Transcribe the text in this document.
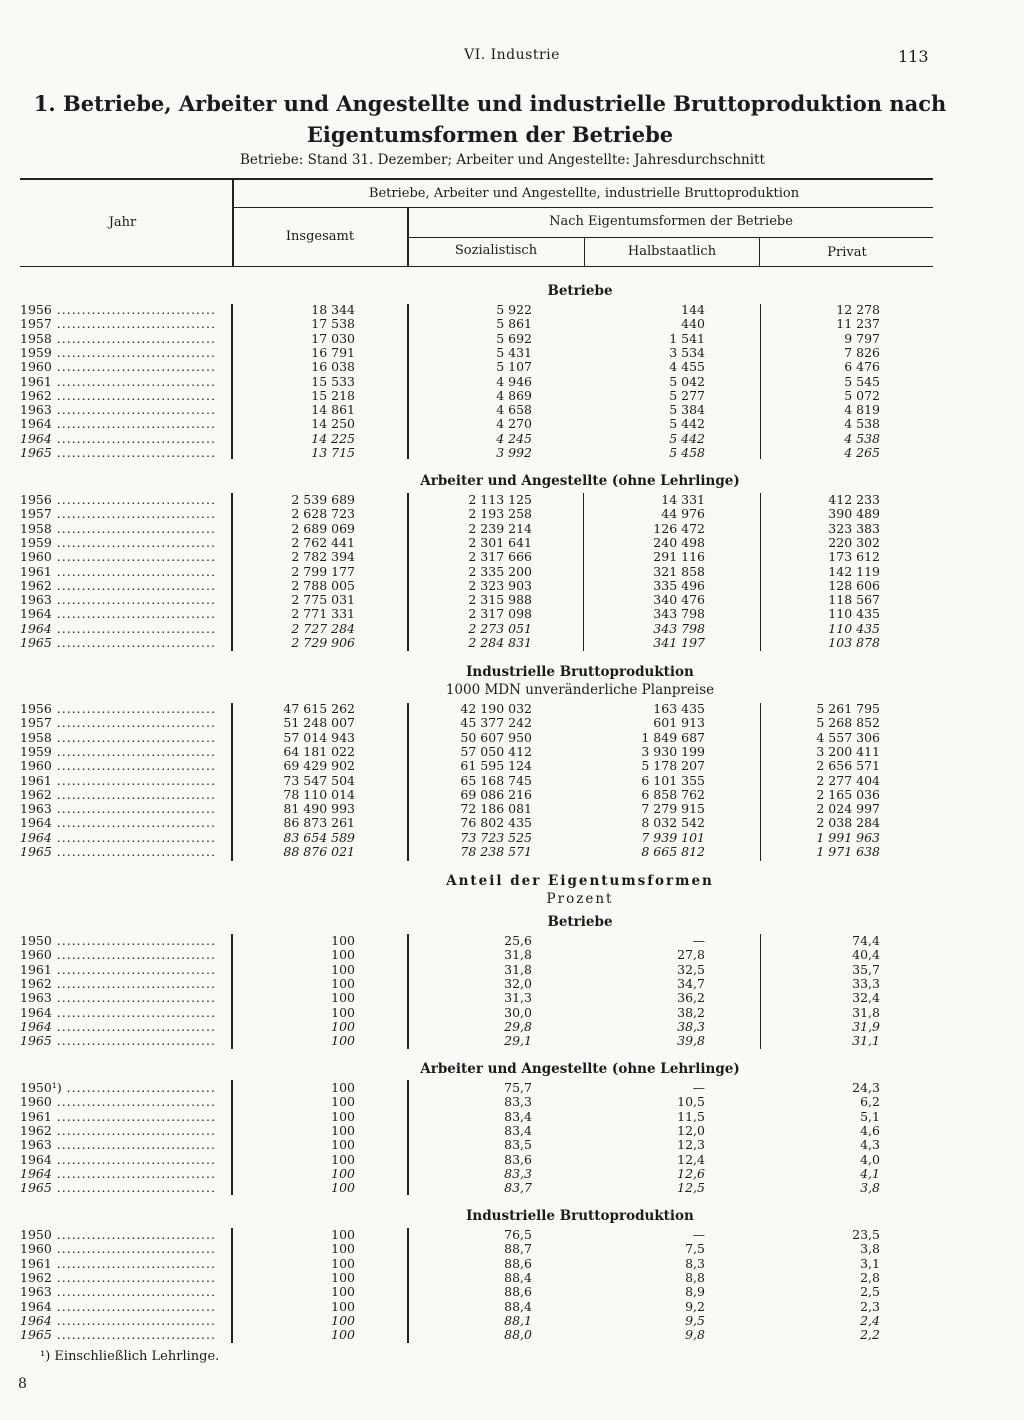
VI. Industrie	113
1. Betriebe, Arbeiter und Angestellte und industrielle Bruttoproduktion nach Eigentumsformen der Betriebe
Betriebe: Stand 31. Dezember; Arbeiter und Angestellte: Jahresdurchschnitt
Jahr
Betriebe, Arbeiter und Angestellte, industrielle Bruttoproduktion
Insgesamt
Nach Eigentumsformen der Betriebe
Sozialistisch	Halbstaatlich	Privat
Betriebe
1956 .....	18 344	5 922	144	12 278
1957 .....	17 538	5 861	440	11 237
1958 .....	17 030	5 692	1 541	9 797
1959 .....	16 791	5 431	3 534	7 826
1960 .....	16 038	5 107	4 455	6 476
1961 .....	15 533	4 946	5 042	5 545
1962 .....	15 218	4 869	5 277	5 072
1963 .....	14 861	4 658	5 384	4 819
1964 .....	14 250	4 270	5 442	4 538
1964 .....	14 225	4 245	5 442	4 538
1965 .....	13 715	3 992	5 458	4 265
Arbeiter und Angestellte (ohne Lehrlinge)
1956 .....	2 539 689	2 113 125	14 331	412 233
1957 .....	2 628 723	2 193 258	44 976	390 489
1958 .....	2 689 069	2 239 214	126 472	323 383
1959 .....	2 762 441	2 301 641	240 498	220 302
1960 .....	2 782 394	2 317 666	291 116	173 612
1961 .....	2 799 177	2 335 200	321 858	142 119
1962 .....	2 788 005	2 323 903	335 496	128 606
1963 .....	2 775 031	2 315 988	340 476	118 567
1964 .....	2 771 331	2 317 098	343 798	110 435
1964 .....	2 727 284	2 273 051	343 798	110 435
1965 .....	2 729 906	2 284 831	341 197	103 878
Industrielle Bruttoproduktion
1000 MDN unveränderliche Planpreise
1956 .....	47 615 262	42 190 032	163 435	5 261 795
1957 .....	51 248 007	45 377 242	601 913	5 268 852
1958 .....	57 014 943	50 607 950	1 849 687	4 557 306
1959 .....	64 181 022	57 050 412	3 930 199	3 200 411
1960 .....	69 429 902	61 595 124	5 178 207	2 656 571
1961 .....	73 547 504	65 168 745	6 101 355	2 277 404
1962 .....	78 110 014	69 086 216	6 858 762	2 165 036
1963 .....	81 490 993	72 186 081	7 279 915	2 024 997
1964 .....	86 873 261	76 802 435	8 032 542	2 038 284
1964 .....	83 654 589	73 723 525	7 939 101	1 991 963
1965 .....	88 876 021	78 238 571	8 665 812	1 971 638
Anteil der Eigentumsformen
Prozent
Betriebe
1950 .....	100	25,6	—	74,4
1960 .....	100	31,8	27,8	40,4
1961 .....	100	31,8	32,5	35,7
1962 .....	100	32,0	34,7	33,3
1963 .....	100	31,3	36,2	32,4
1964 .....	100	30,0	38,2	31,8
1964 .....	100	29,8	38,3	31,9
1965 .....	100	29,1	39,8	31,1
Arbeiter und Angestellte (ohne Lehrlinge)
1950¹) .....	100	75,7	—	24,3
1960 .....	100	83,3	10,5	6,2
1961 .....	100	83,4	11,5	5,1
1962 .....	100	83,4	12,0	4,6
1963 .....	100	83,5	12,3	4,3
1964 .....	100	83,6	12,4	4,0
1964 .....	100	83,3	12,6	4,1
1965 .....	100	83,7	12,5	3,8
Industrielle Bruttoproduktion
1950 .....	100	76,5	—	23,5
1960 .....	100	88,7	7,5	3,8
1961 .....	100	88,6	8,3	3,1
1962 .....	100	88,4	8,8	2,8
1963 .....	100	88,6	8,9	2,5
1964 .....	100	88,4	9,2	2,3
1964 .....	100	88,1	9,5	2,4
1965 .....	100	88,0	9,8	2,2
¹) Einschließlich Lehrlinge.
8
